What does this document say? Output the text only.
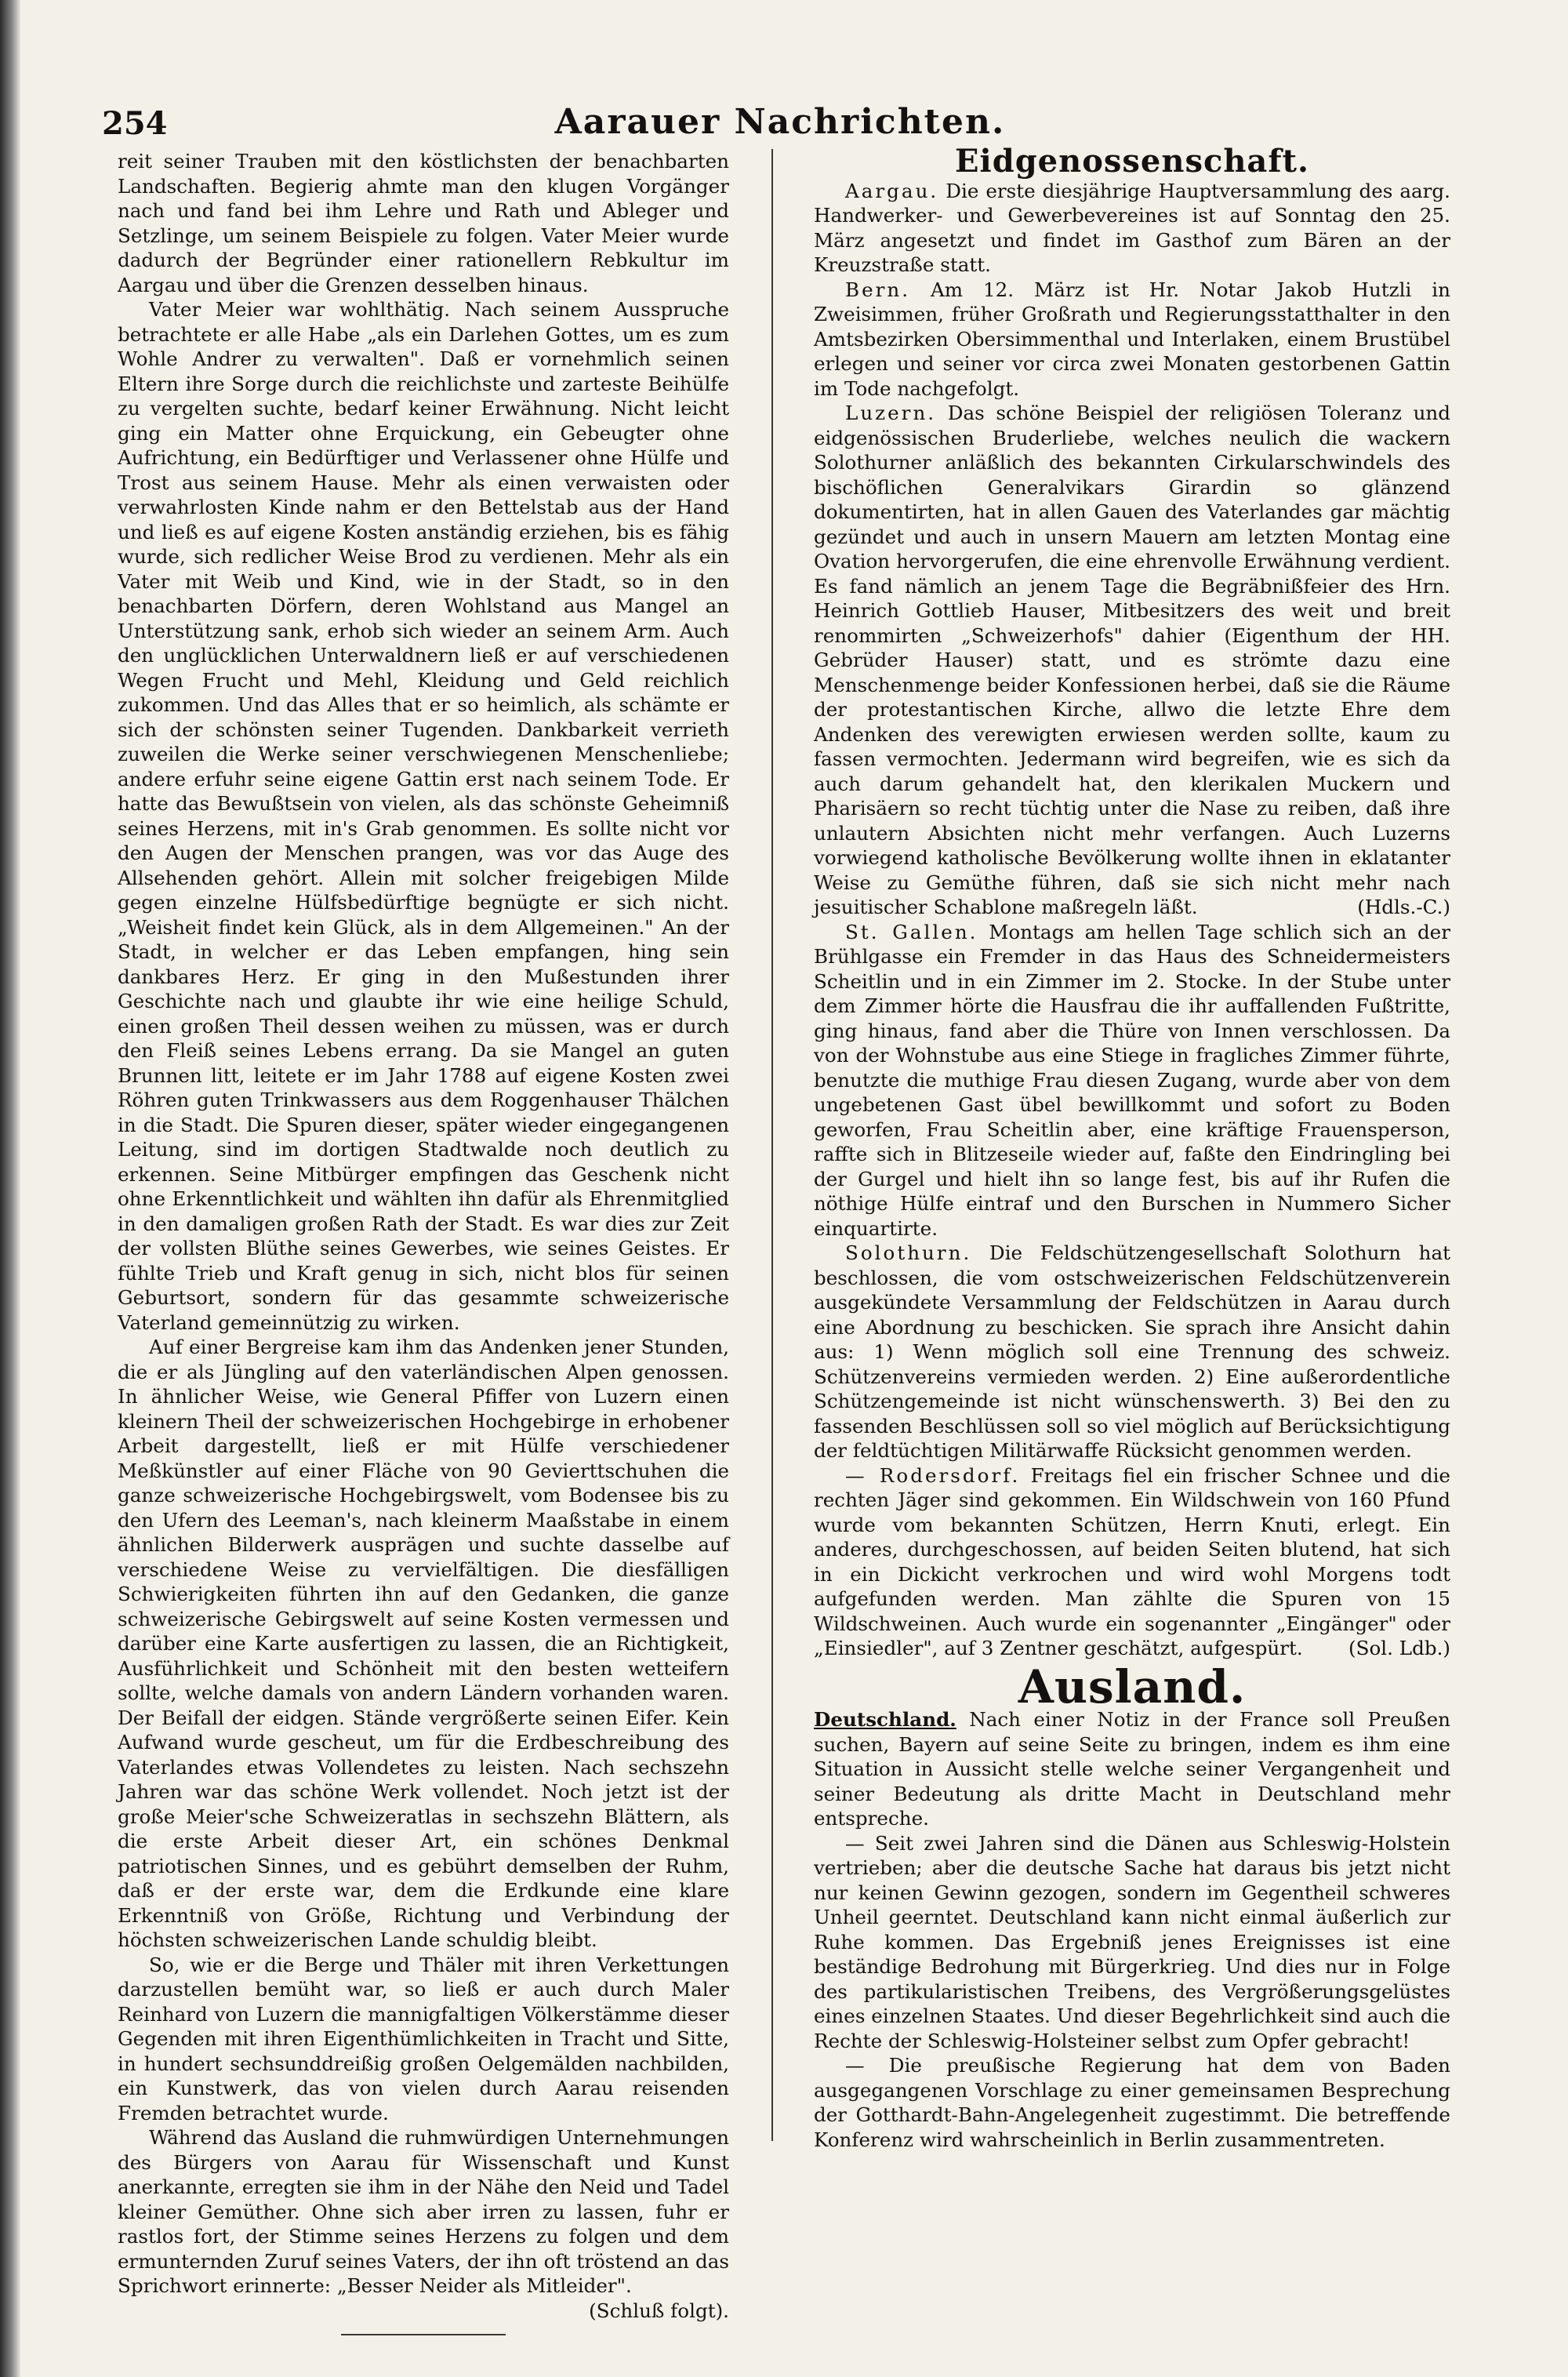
254	Aarauer Nachrichten.

reit seiner Trauben mit den köstlichsten der benachbarten Landschaften. Begierig ahmte man den klugen Vorgänger nach und fand bei ihm Lehre und Rath und Ableger und Setzlinge, um seinem Beispiele zu folgen. Vater Meier wurde dadurch der Begründer einer rationellern Rebkultur im Aargau und über die Grenzen desselben hinaus.

Vater Meier war wohlthätig. Nach seinem Ausspruche betrachtete er alle Habe „als ein Darlehen Gottes, um es zum Wohle Andrer zu verwalten". Daß er vornehmlich seinen Eltern ihre Sorge durch die reichlichste und zarteste Beihülfe zu vergelten suchte, bedarf keiner Erwähnung. Nicht leicht ging ein Matter ohne Erquickung, ein Gebeugter ohne Aufrichtung, ein Bedürftiger und Verlassener ohne Hülfe und Trost aus seinem Hause. Mehr als einen verwaisten oder verwahrlosten Kinde nahm er den Bettelstab aus der Hand und ließ es auf eigene Kosten anständig erziehen, bis es fähig wurde, sich redlicher Weise Brod zu verdienen. Mehr als ein Vater mit Weib und Kind, wie in der Stadt, so in den benachbarten Dörfern, deren Wohlstand aus Mangel an Unterstützung sank, erhob sich wieder an seinem Arm. Auch den unglücklichen Unterwaldnern ließ er auf verschiedenen Wegen Frucht und Mehl, Kleidung und Geld reichlich zukommen. Und das Alles that er so heimlich, als schämte er sich der schönsten seiner Tugenden. Dankbarkeit verrieth zuweilen die Werke seiner verschwiegenen Menschenliebe; andere erfuhr seine eigene Gattin erst nach seinem Tode. Er hatte das Bewußtsein von vielen, als das schönste Geheimniß seines Herzens, mit in's Grab genommen. Es sollte nicht vor den Augen der Menschen prangen, was vor das Auge des Allsehenden gehört. Allein mit solcher freigebigen Milde gegen einzelne Hülfsbedürftige begnügte er sich nicht. „Weisheit findet kein Glück, als in dem Allgemeinen." An der Stadt, in welcher er das Leben empfangen, hing sein dankbares Herz. Er ging in den Mußestunden ihrer Geschichte nach und glaubte ihr wie eine heilige Schuld, einen großen Theil dessen weihen zu müssen, was er durch den Fleiß seines Lebens errang. Da sie Mangel an guten Brunnen litt, leitete er im Jahr 1788 auf eigene Kosten zwei Röhren guten Trinkwassers aus dem Roggenhauser Thälchen in die Stadt. Die Spuren dieser, später wieder eingegangenen Leitung, sind im dortigen Stadtwalde noch deutlich zu erkennen. Seine Mitbürger empfingen das Geschenk nicht ohne Erkenntlichkeit und wählten ihn dafür als Ehrenmitglied in den damaligen großen Rath der Stadt. Es war dies zur Zeit der vollsten Blüthe seines Gewerbes, wie seines Geistes. Er fühlte Trieb und Kraft genug in sich, nicht blos für seinen Geburtsort, sondern für das gesammte schweizerische Vaterland gemeinnützig zu wirken.

Auf einer Bergreise kam ihm das Andenken jener Stunden, die er als Jüngling auf den vaterländischen Alpen genossen. In ähnlicher Weise, wie General Pfiffer von Luzern einen kleinern Theil der schweizerischen Hochgebirge in erhobener Arbeit dargestellt, ließ er mit Hülfe verschiedener Meßkünstler auf einer Fläche von 90 Gevierttschuhen die ganze schweizerische Hochgebirgswelt, vom Bodensee bis zu den Ufern des Leeman's, nach kleinerm Maaßstabe in einem ähnlichen Bilderwerk ausprägen und suchte dasselbe auf verschiedene Weise zu vervielfältigen. Die diesfälligen Schwierigkeiten führten ihn auf den Gedanken, die ganze schweizerische Gebirgswelt auf seine Kosten vermessen und darüber eine Karte ausfertigen zu lassen, die an Richtigkeit, Ausführlichkeit und Schönheit mit den besten wetteifern sollte, welche damals von andern Ländern vorhanden waren. Der Beifall der eidgen. Stände vergrößerte seinen Eifer. Kein Aufwand wurde gescheut, um für die Erdbeschreibung des Vaterlandes etwas Vollendetes zu leisten. Nach sechszehn Jahren war das schöne Werk vollendet. Noch jetzt ist der große Meier'sche Schweizeratlas in sechszehn Blättern, als die erste Arbeit dieser Art, ein schönes Denkmal patriotischen Sinnes, und es gebührt demselben der Ruhm, daß er der erste war, dem die Erdkunde eine klare Erkenntniß von Größe, Richtung und Verbindung der höchsten schweizerischen Lande schuldig bleibt.

So, wie er die Berge und Thäler mit ihren Verkettungen darzustellen bemüht war, so ließ er auch durch Maler Reinhard von Luzern die mannigfaltigen Völkerstämme dieser Gegenden mit ihren Eigenthümlichkeiten in Tracht und Sitte, in hundert sechsunddreißig großen Oelgemälden nachbilden, ein Kunstwerk, das von vielen durch Aarau reisenden Fremden betrachtet wurde.

Während das Ausland die ruhmwürdigen Unternehmungen des Bürgers von Aarau für Wissenschaft und Kunst anerkannte, erregten sie ihm in der Nähe den Neid und Tadel kleiner Gemüther. Ohne sich aber irren zu lassen, fuhr er rastlos fort, der Stimme seines Herzens zu folgen und dem ermunternden Zuruf seines Vaters, der ihn oft tröstend an das Sprichwort erinnerte: „Besser Neider als Mitleider".

(Schluß folgt).

Eidgenossenschaft.

Aargau. Die erste diesjährige Hauptversammlung des aarg. Handwerker- und Gewerbevereines ist auf Sonntag den 25. März angesetzt und findet im Gasthof zum Bären an der Kreuzstraße statt.

Bern. Am 12. März ist Hr. Notar Jakob Hutzli in Zweisimmen, früher Großrath und Regierungsstatthalter in den Amtsbezirken Obersimmenthal und Interlaken, einem Brustübel erlegen und seiner vor circa zwei Monaten gestorbenen Gattin im Tode nachgefolgt.

Luzern. Das schöne Beispiel der religiösen Toleranz und eidgenössischen Bruderliebe, welches neulich die wackern Solothurner anläßlich des bekannten Cirkularschwindels des bischöflichen Generalvikars Girardin so glänzend dokumentirten, hat in allen Gauen des Vaterlandes gar mächtig gezündet und auch in unsern Mauern am letzten Montag eine Ovation hervorgerufen, die eine ehrenvolle Erwähnung verdient. Es fand nämlich an jenem Tage die Begräbnißfeier des Hrn. Heinrich Gottlieb Hauser, Mitbesitzers des weit und breit renommirten „Schweizerhofs" dahier (Eigenthum der HH. Gebrüder Hauser) statt, und es strömte dazu eine Menschenmenge beider Konfessionen herbei, daß sie die Räume der protestantischen Kirche, allwo die letzte Ehre dem Andenken des verewigten erwiesen werden sollte, kaum zu fassen vermochten. Jedermann wird begreifen, wie es sich da auch darum gehandelt hat, den klerikalen Muckern und Pharisäern so recht tüchtig unter die Nase zu reiben, daß ihre unlautern Absichten nicht mehr verfangen. Auch Luzerns vorwiegend katholische Bevölkerung wollte ihnen in eklatanter Weise zu Gemüthe führen, daß sie sich nicht mehr nach jesuitischer Schablone maßregeln läßt.	(Hdls.-C.)

St. Gallen. Montags am hellen Tage schlich sich an der Brühlgasse ein Fremder in das Haus des Schneidermeisters Scheitlin und in ein Zimmer im 2. Stocke. In der Stube unter dem Zimmer hörte die Hausfrau die ihr auffallenden Fußtritte, ging hinaus, fand aber die Thüre von Innen verschlossen. Da von der Wohnstube aus eine Stiege in fragliches Zimmer führte, benutzte die muthige Frau diesen Zugang, wurde aber von dem ungebetenen Gast übel bewillkommt und sofort zu Boden geworfen, Frau Scheitlin aber, eine kräftige Frauensperson, raffte sich in Blitzeseile wieder auf, faßte den Eindringling bei der Gurgel und hielt ihn so lange fest, bis auf ihr Rufen die nöthige Hülfe eintraf und den Burschen in Nummero Sicher einquartirte.

Solothurn. Die Feldschützengesellschaft Solothurn hat beschlossen, die vom ostschweizerischen Feldschützenverein ausgekündete Versammlung der Feldschützen in Aarau durch eine Abordnung zu beschicken. Sie sprach ihre Ansicht dahin aus: 1) Wenn möglich soll eine Trennung des schweiz. Schützenvereins vermieden werden. 2) Eine außerordentliche Schützengemeinde ist nicht wünschenswerth. 3) Bei den zu fassenden Beschlüssen soll so viel möglich auf Berücksichtigung der feldtüchtigen Militärwaffe Rücksicht genommen werden.

— Rodersdorf. Freitags fiel ein frischer Schnee und die rechten Jäger sind gekommen. Ein Wildschwein von 160 Pfund wurde vom bekannten Schützen, Herrn Knuti, erlegt. Ein anderes, durchgeschossen, auf beiden Seiten blutend, hat sich in ein Dickicht verkrochen und wird wohl Morgens todt aufgefunden werden. Man zählte die Spuren von 15 Wildschweinen. Auch wurde ein sogenannter „Eingänger" oder „Einsiedler", auf 3 Zentner geschätzt, aufgespürt.	(Sol. Ldb.)

Ausland.

Deutschland. Nach einer Notiz in der France soll Preußen suchen, Bayern auf seine Seite zu bringen, indem es ihm eine Situation in Aussicht stelle welche seiner Vergangenheit und seiner Bedeutung als dritte Macht in Deutschland mehr entspreche.

— Seit zwei Jahren sind die Dänen aus Schleswig-Holstein vertrieben; aber die deutsche Sache hat daraus bis jetzt nicht nur keinen Gewinn gezogen, sondern im Gegentheil schweres Unheil geerntet. Deutschland kann nicht einmal äußerlich zur Ruhe kommen. Das Ergebniß jenes Ereignisses ist eine beständige Bedrohung mit Bürgerkrieg. Und dies nur in Folge des partikularistischen Treibens, des Vergrößerungsgelüstes eines einzelnen Staates. Und dieser Begehrlichkeit sind auch die Rechte der Schleswig-Holsteiner selbst zum Opfer gebracht!

— Die preußische Regierung hat dem von Baden ausgegangenen Vorschlage zu einer gemeinsamen Besprechung der Gotthardt-Bahn-Angelegenheit zugestimmt. Die betreffende Konferenz wird wahrscheinlich in Berlin zusammentreten.
